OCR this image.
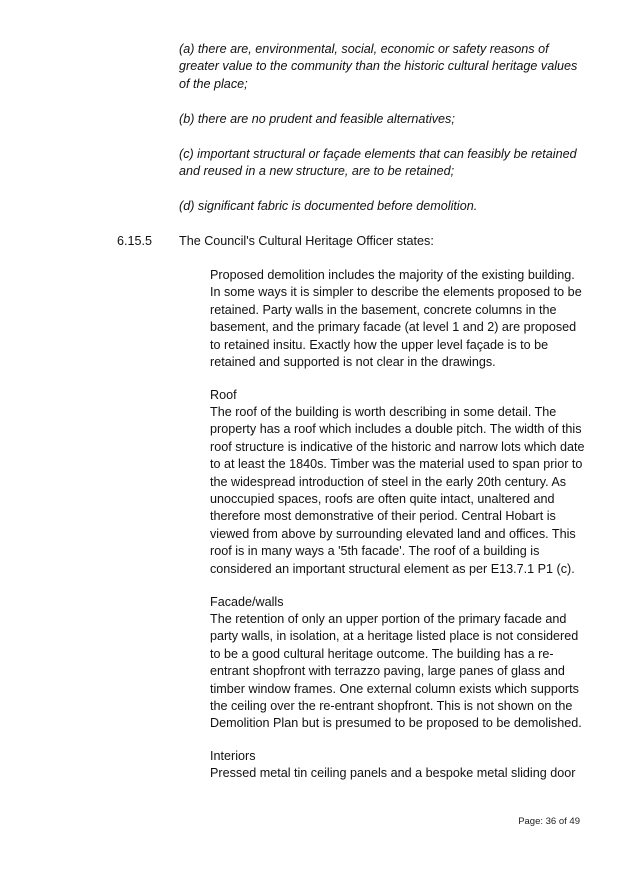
(a) there are, environmental, social, economic or safety reasons of greater value to the community than the historic cultural heritage values of the place;

(b) there are no prudent and feasible alternatives;

(c) important structural or façade elements that can feasibly be retained and reused in a new structure, are to be retained;

(d) significant fabric is documented before demolition.

6.15.5 The Council's Cultural Heritage Officer states:

Proposed demolition includes the majority of the existing building. In some ways it is simpler to describe the elements proposed to be retained. Party walls in the basement, concrete columns in the basement, and the primary facade (at level 1 and 2) are proposed to retained insitu. Exactly how the upper level façade is to be retained and supported is not clear in the drawings.

Roof

The roof of the building is worth describing in some detail. The property has a roof which includes a double pitch. The width of this roof structure is indicative of the historic and narrow lots which date to at least the 1840s. Timber was the material used to span prior to the widespread introduction of steel in the early 20th century. As unoccupied spaces, roofs are often quite intact, unaltered and therefore most demonstrative of their period. Central Hobart is viewed from above by surrounding elevated land and offices. This roof is in many ways a '5th facade'. The roof of a building is considered an important structural element as per E13.7.1 P1 (c).

Facade/walls

The retention of only an upper portion of the primary facade and party walls, in isolation, at a heritage listed place is not considered to be a good cultural heritage outcome. The building has a re-entrant shopfront with terrazzo paving, large panes of glass and timber window frames. One external column exists which supports the ceiling over the re-entrant shopfront. This is not shown on the Demolition Plan but is presumed to be proposed to be demolished.

Interiors

Pressed metal tin ceiling panels and a bespoke metal sliding door

Page: 36 of 49
